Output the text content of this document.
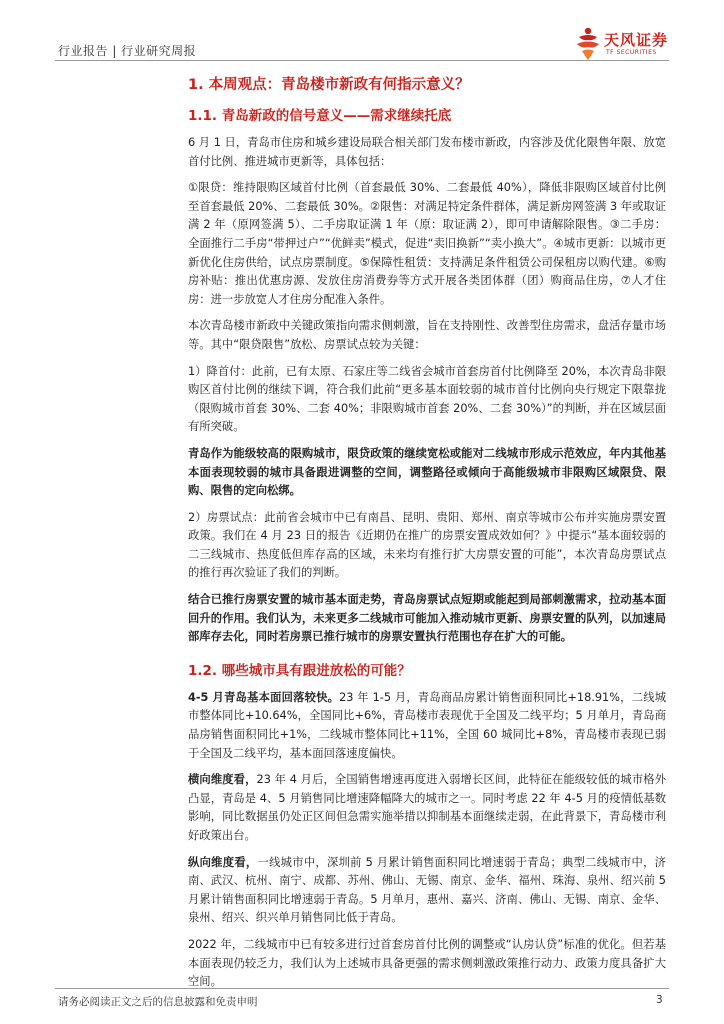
行业报告 | 行业研究周报
天风证券
TF SECURITIES
1. 本周观点：青岛楼市新政有何指示意义？
1.1. 青岛新政的信号意义——需求继续托底

6 月 1 日，青岛市住房和城乡建设局联合相关部门发布楼市新政，内容涉及优化限售年限、放宽首付比例、推进城市更新等，具体包括：

①限贷：维持限购区域首付比例（首套最低 30%、二套最低 40%），降低非限购区域首付比例至首套最低 20%、二套最低 30%。②限售：对满足特定条件群体，满足新房网签满 3 年或取证满 2 年（原网签满 5）、二手房取证满 1 年（原：取证满 2），即可申请解除限售。③二手房：全面推行二手房“带押过户”“优鲜卖”模式，促进“卖旧换新”“卖小换大”。④城市更新：以城市更新优化住房供给，试点房票制度。⑤保障性租赁：支持满足条件租赁公司保租房以购代建。⑥购房补贴：推出优惠房源、发放住房消费券等方式开展各类团体群（团）购商品住房，⑦人才住房：进一步放宽人才住房分配准入条件。

本次青岛楼市新政中关键政策指向需求侧刺激，旨在支持刚性、改善型住房需求，盘活存量市场等。其中“限贷限售”放松、房票试点较为关键：

1）降首付：此前，已有太原、石家庄等二线省会城市首套房首付比例降至 20%，本次青岛非限购区首付比例的继续下调，符合我们此前“更多基本面较弱的城市首付比例向央行规定下限靠拢（限购城市首套 30%、二套 40%；非限购城市首套 20%、二套 30%）”的判断，并在区域层面有所突破。

青岛作为能级较高的限购城市，限贷政策的继续宽松或能对二线城市形成示范效应，年内其他基本面表现较弱的城市具备跟进调整的空间，调整路径或倾向于高能级城市非限购区域限贷、限购、限售的定向松绑。

2）房票试点：此前省会城市中已有南昌、昆明、贵阳、郑州、南京等城市公布并实施房票安置政策。我们在 4 月 23 日的报告《近期仍在推广的房票安置成效如何？》中提示“基本面较弱的二三线城市、热度低但库存高的区域，未来均有推行扩大房票安置的可能”，本次青岛房票试点的推行再次验证了我们的判断。

结合已推行房票安置的城市基本面走势，青岛房票试点短期或能起到局部刺激需求，拉动基本面回升的作用。我们认为，未来更多二线城市可能加入推动城市更新、房票安置的队列，以加速局部库存去化，同时若房票已推行城市的房票安置执行范围也存在扩大的可能。

1.2. 哪些城市具有跟进放松的可能？

4-5 月青岛基本面回落较快。23 年 1-5 月，青岛商品房累计销售面积同比+18.91%，二线城市整体同比+10.64%，全国同比+6%，青岛楼市表现优于全国及二线平均；5 月单月，青岛商品房销售面积同比+1%，二线城市整体同比+11%，全国 60 城同比+8%，青岛楼市表现已弱于全国及二线平均，基本面回落速度偏快。

横向维度看，23 年 4 月后，全国销售增速再度进入弱增长区间，此特征在能级较低的城市格外凸显，青岛是 4、5 月销售同比增速降幅降大的城市之一。同时考虑 22 年 4-5 月的疫情低基数影响，同比数据虽仍处正区间但急需实施举措以抑制基本面继续走弱，在此背景下，青岛楼市利好政策出台。

纵向维度看，一线城市中，深圳前 5 月累计销售面积同比增速弱于青岛；典型二线城市中，济南、武汉、杭州、南宁、成都、苏州、佛山、无锡、南京、金华、福州、珠海、泉州、绍兴前 5 月累计销售面积同比增速弱于青岛。5 月单月，惠州、嘉兴、济南、佛山、无锡、南京、金华、泉州、绍兴、织兴单月销售同比低于青岛。

2022 年，二线城市中已有较多进行过首套房首付比例的调整或“认房认贷”标准的优化。但若基本面表现仍较乏力，我们认为上述城市具备更强的需求侧刺激政策推行动力、政策力度具备扩大空间。

请务必阅读正文之后的信息披露和免责申明	3
